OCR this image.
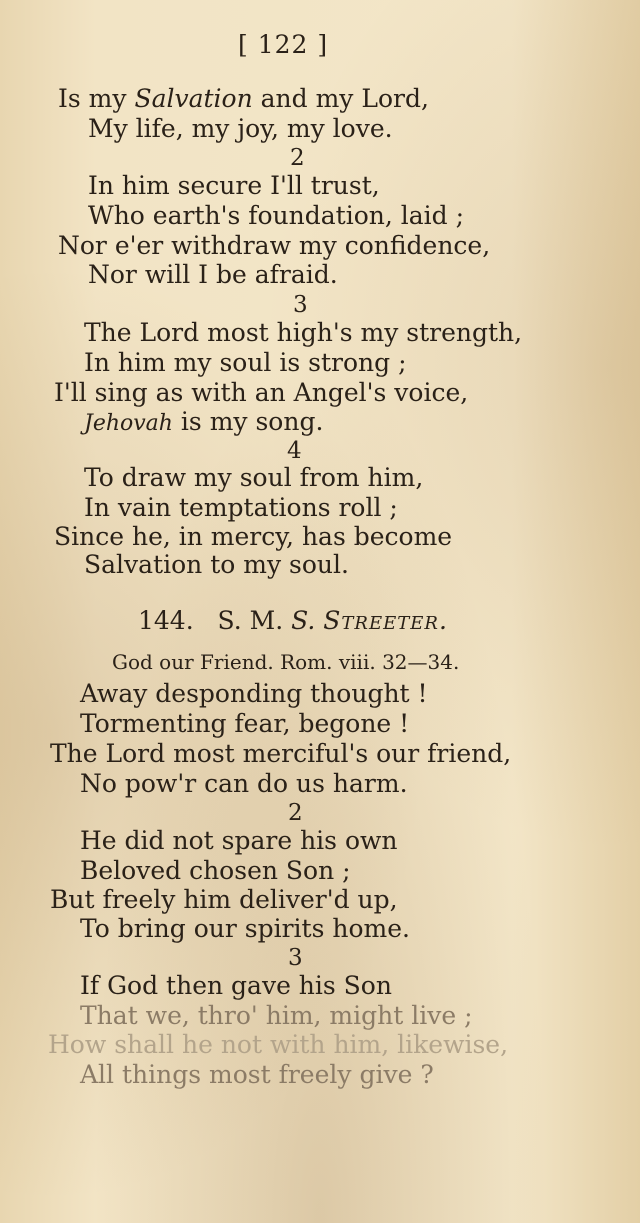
[ 122 ]
Is my Salvation and my Lord,
My life, my joy, my love.
2
In him secure I'll trust,
Who earth's foundation, laid ;
Nor e'er withdraw my confidence,
Nor will I be afraid.
3
The Lord most high's my strength,
In him my soul is strong ;
I'll sing as with an Angel's voice,
Jehovah is my song.
4
To draw my soul from him,
In vain temptations roll ;
Since he, in mercy, has become
Salvation to my soul.
144. S. M. S. Streeter.
God our Friend. Rom. viii. 32—34.
Away desponding thought !
Tormenting fear, begone !
The Lord most merciful's our friend,
No pow'r can do us harm.
2
He did not spare his own
Beloved chosen Son ;
But freely him deliver'd up,
To bring our spirits home.
3
If God then gave his Son
That we, thro' him, might live ;
How shall he not with him, likewise,
All things most freely give ?
